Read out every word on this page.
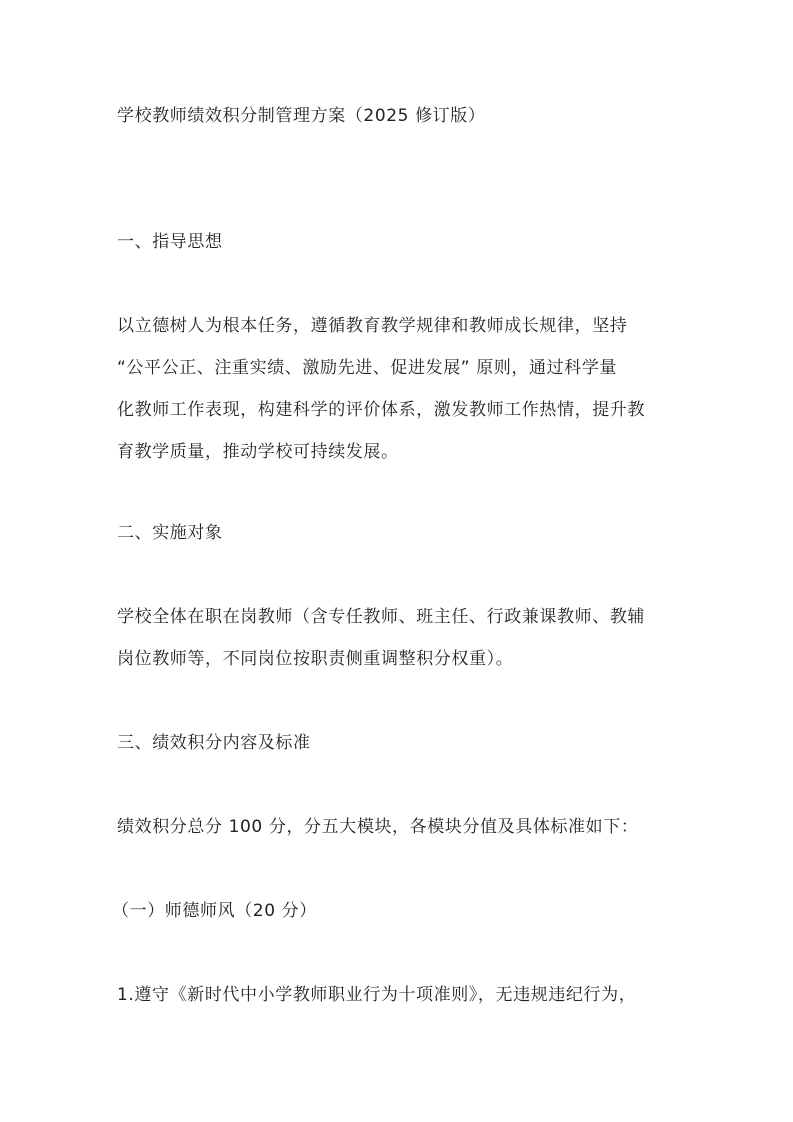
学校教师绩效积分制管理方案（2025 修订版）
一、指导思想
以立德树人为根本任务，遵循教育教学规律和教师成长规律，坚持
“公平公正、注重实绩、激励先进、促进发展” 原则，通过科学量
化教师工作表现，构建科学的评价体系，激发教师工作热情，提升教
育教学质量，推动学校可持续发展。
二、实施对象
学校全体在职在岗教师（含专任教师、班主任、行政兼课教师、教辅
岗位教师等，不同岗位按职责侧重调整积分权重）。
三、绩效积分内容及标准
绩效积分总分 100 分，分五大模块，各模块分值及具体标准如下：
（一）师德师风（20 分）
1.遵守《新时代中小学教师职业行为十项准则》，无违规违纪行为，
